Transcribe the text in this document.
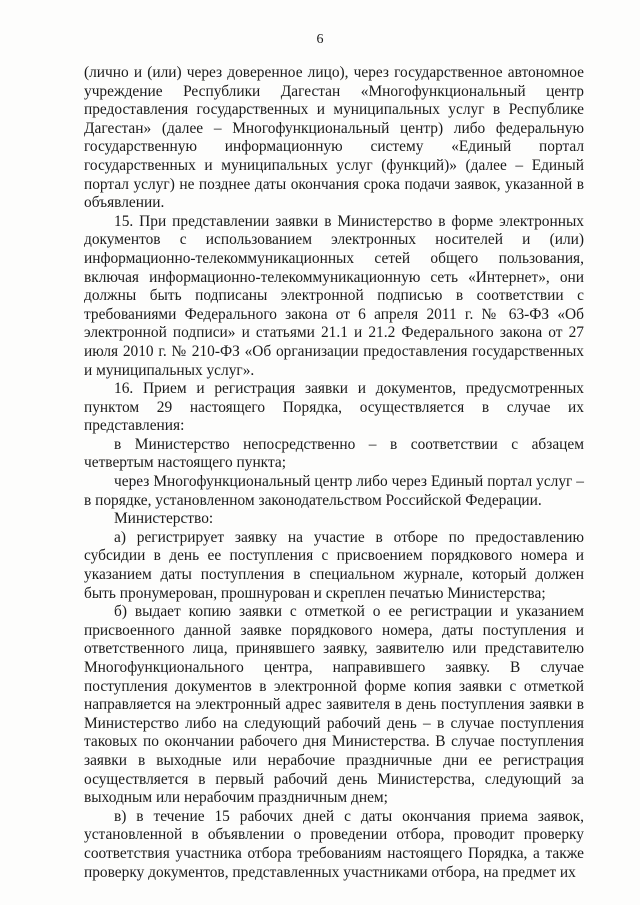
6

(лично и (или) через доверенное лицо), через государственное автономное учреждение Республики Дагестан «Многофункциональный центр предоставления государственных и муниципальных услуг в Республике Дагестан» (далее – Многофункциональный центр) либо федеральную государственную информационную систему «Единый портал государственных и муниципальных услуг (функций)» (далее – Единый портал услуг) не позднее даты окончания срока подачи заявок, указанной в объявлении.

15. При представлении заявки в Министерство в форме электронных документов с использованием электронных носителей и (или) информационно-телекоммуникационных сетей общего пользования, включая информационно-телекоммуникационную сеть «Интернет», они должны быть подписаны электронной подписью в соответствии с требованиями Федерального закона от 6 апреля 2011 г. № 63-ФЗ «Об электронной подписи» и статьями 21.1 и 21.2 Федерального закона от 27 июля 2010 г. № 210-ФЗ «Об организации предоставления государственных и муниципальных услуг».

16. Прием и регистрация заявки и документов, предусмотренных пунктом 29 настоящего Порядка, осуществляется в случае их представления:

в Министерство непосредственно – в соответствии с абзацем четвертым настоящего пункта;

через Многофункциональный центр либо через Единый портал услуг – в порядке, установленном законодательством Российской Федерации.

Министерство:

а) регистрирует заявку на участие в отборе по предоставлению субсидии в день ее поступления с присвоением порядкового номера и указанием даты поступления в специальном журнале, который должен быть пронумерован, прошнурован и скреплен печатью Министерства;

б) выдает копию заявки с отметкой о ее регистрации и указанием присвоенного данной заявке порядкового номера, даты поступления и ответственного лица, принявшего заявку, заявителю или представителю Многофункционального центра, направившего заявку. В случае поступления документов в электронной форме копия заявки с отметкой направляется на электронный адрес заявителя в день поступления заявки в Министерство либо на следующий рабочий день – в случае поступления таковых по окончании рабочего дня Министерства. В случае поступления заявки в выходные или нерабочие праздничные дни ее регистрация осуществляется в первый рабочий день Министерства, следующий за выходным или нерабочим праздничным днем;

в) в течение 15 рабочих дней с даты окончания приема заявок, установленной в объявлении о проведении отбора, проводит проверку соответствия участника отбора требованиям настоящего Порядка, а также проверку документов, представленных участниками отбора, на предмет их
